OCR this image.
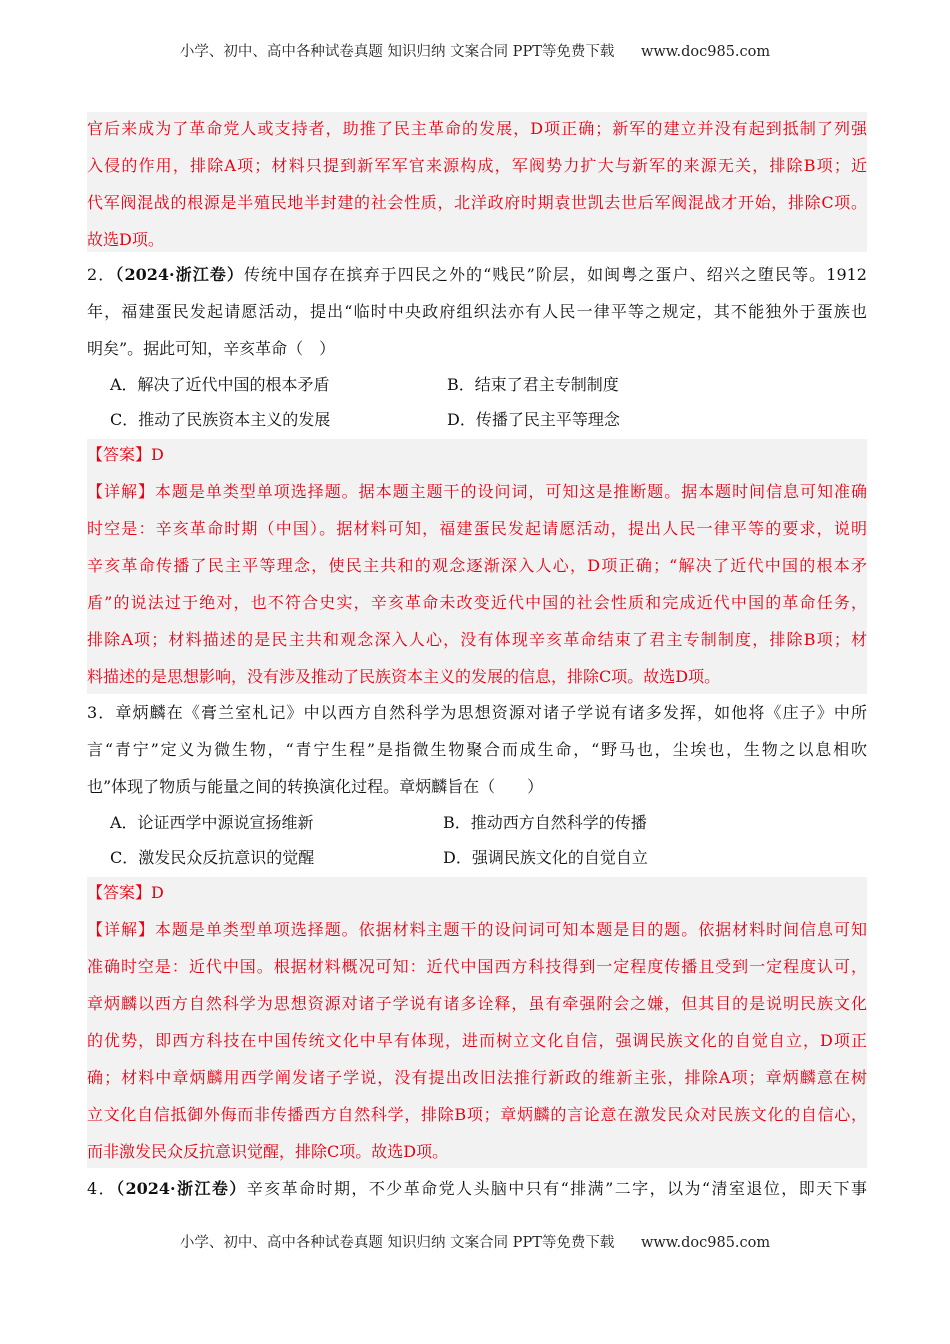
小学、初中、高中各种试卷真题 知识归纳 文案合同 PPT等免费下载 www.doc985.com
官后来成为了革命党人或支持者，助推了民主革命的发展，D项正确；新军的建立并没有起到抵制了列强
入侵的作用，排除A项；材料只提到新军军官来源构成，军阀势力扩大与新军的来源无关，排除B项；近
代军阀混战的根源是半殖民地半封建的社会性质，北洋政府时期袁世凯去世后军阀混战才开始，排除C项。
故选D项。
2．（2024·浙江卷）传统中国存在摈弃于四民之外的“贱民”阶层，如闽粤之蛋户、绍兴之堕民等。1912
年，福建蛋民发起请愿活动，提出“临时中央政府组织法亦有人民一律平等之规定，其不能独外于蛋族也
明矣”。据此可知，辛亥革命（　）
A．解决了近代中国的根本矛盾	B．结束了君主专制制度
C．推动了民族资本主义的发展	D．传播了民主平等理念
【答案】D
【详解】本题是单类型单项选择题。据本题主题干的设问词，可知这是推断题。据本题时间信息可知准确
时空是：辛亥革命时期（中国）。据材料可知，福建蛋民发起请愿活动，提出人民一律平等的要求，说明
辛亥革命传播了民主平等理念，使民主共和的观念逐渐深入人心，D项正确；“解决了近代中国的根本矛
盾”的说法过于绝对，也不符合史实，辛亥革命未改变近代中国的社会性质和完成近代中国的革命任务，
排除A项；材料描述的是民主共和观念深入人心，没有体现辛亥革命结束了君主专制制度，排除B项；材
料描述的是思想影响，没有涉及推动了民族资本主义的发展的信息，排除C项。故选D项。
3．章炳麟在《膏兰室札记》中以西方自然科学为思想资源对诸子学说有诸多发挥，如他将《庄子》中所
言“青宁”定义为微生物，“青宁生程”是指微生物聚合而成生命，“野马也，尘埃也，生物之以息相吹
也”体现了物质与能量之间的转换演化过程。章炳麟旨在（　　）
A．论证西学中源说宣扬维新	B．推动西方自然科学的传播
C．激发民众反抗意识的觉醒	D．强调民族文化的自觉自立
【答案】D
【详解】本题是单类型单项选择题。依据材料主题干的设问词可知本题是目的题。依据材料时间信息可知
准确时空是：近代中国。根据材料概况可知：近代中国西方科技得到一定程度传播且受到一定程度认可，
章炳麟以西方自然科学为思想资源对诸子学说有诸多诠释，虽有牵强附会之嫌，但其目的是说明民族文化
的优势，即西方科技在中国传统文化中早有体现，进而树立文化自信，强调民族文化的自觉自立，D项正
确；材料中章炳麟用西学阐发诸子学说，没有提出改旧法推行新政的维新主张，排除A项；章炳麟意在树
立文化自信抵御外侮而非传播西方自然科学，排除B项；章炳麟的言论意在激发民众对民族文化的自信心，
而非激发民众反抗意识觉醒，排除C项。故选D项。
4．（2024·浙江卷）辛亥革命时期，不少革命党人头脑中只有“排满”二字，以为“清室退位，即天下事
小学、初中、高中各种试卷真题 知识归纳 文案合同 PPT等免费下载 www.doc985.com
